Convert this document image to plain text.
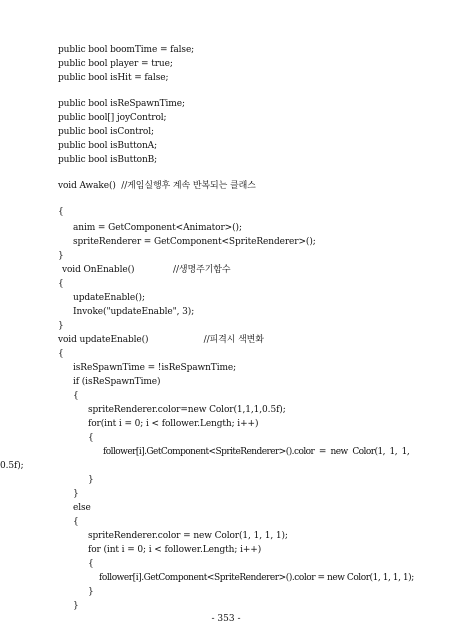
public bool boomTime = false;
public bool player = true;
public bool isHit = false;
public bool isReSpawnTime;
public bool[] joyControl;
public bool isControl;
public bool isButtonA;
public bool isButtonB;
void Awake()  //게임실행후 계속 반복되는 클래스
{
anim = GetComponent<Animator>();
spriteRenderer = GetComponent<SpriteRenderer>();
}
void OnEnable()              //생명주기함수
{
updateEnable();
Invoke("updateEnable", 3);
}
void updateEnable()                    //피격시 색변화
{
isReSpawnTime = !isReSpawnTime;
if (isReSpawnTime)
{
spriteRenderer.color=new Color(1,1,1,0.5f);
for(int i = 0; i < follower.Length; i++)
{
follower[i].GetComponent<SpriteRenderer>().color  =  new  Color(1,  1,  1,
0.5f);
}
}
else
{
spriteRenderer.color = new Color(1, 1, 1, 1);
for (int i = 0; i < follower.Length; i++)
{
follower[i].GetComponent<SpriteRenderer>().color = new Color(1, 1, 1, 1);
}
}
- 353 -
